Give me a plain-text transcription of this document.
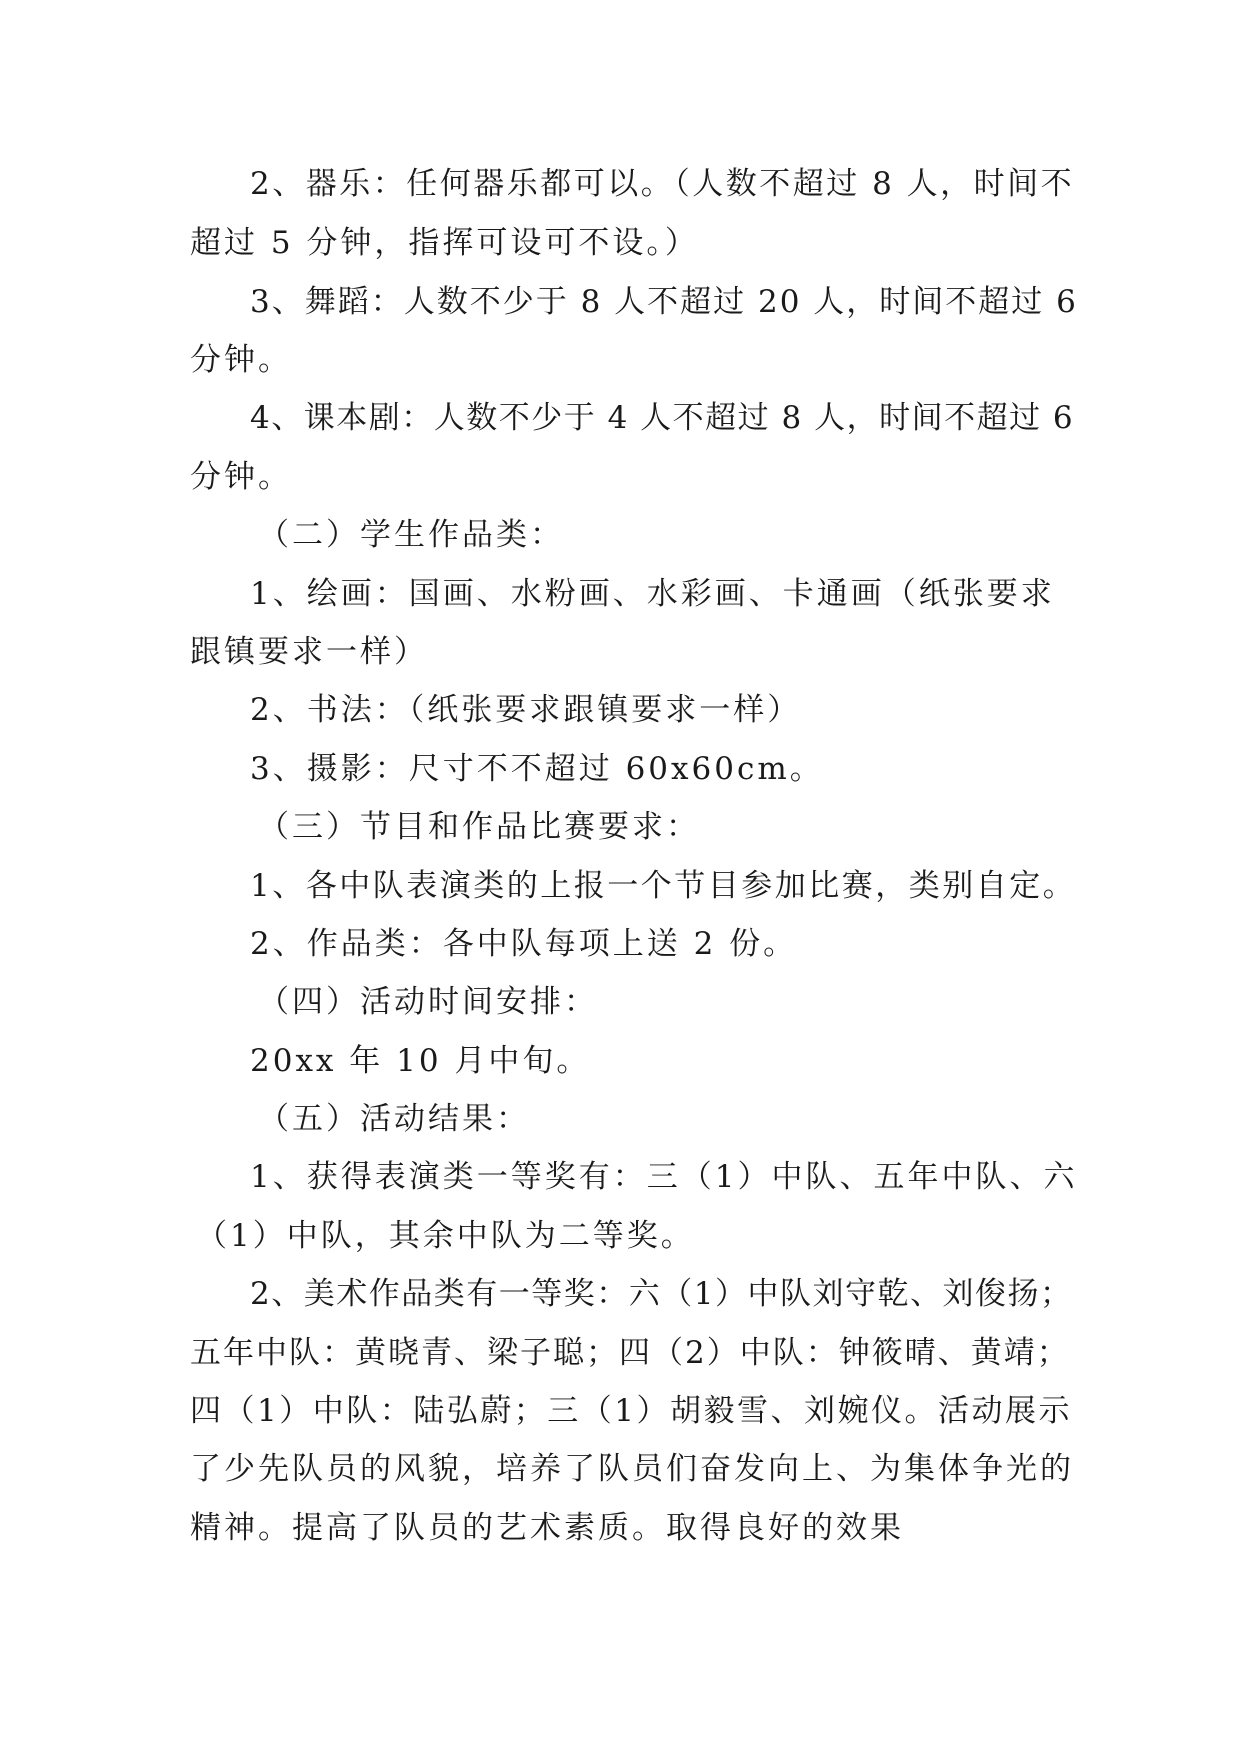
2、器乐：任何器乐都可以。（人数不超过 8 人，时间不
超过 5 分钟，指挥可设可不设。）
3、舞蹈：人数不少于 8 人不超过 20 人，时间不超过 6
分钟。
4、课本剧：人数不少于 4 人不超过 8 人，时间不超过 6
分钟。
（二）学生作品类：
1、绘画：国画、水粉画、水彩画、卡通画（纸张要求
跟镇要求一样）
2、书法：（纸张要求跟镇要求一样）
3、摄影：尺寸不不超过 60x60cm。
（三）节目和作品比赛要求：
1、各中队表演类的上报一个节目参加比赛，类别自定。
2、作品类：各中队每项上送 2 份。
（四）活动时间安排：
20xx 年 10 月中旬。
（五）活动结果：
1、获得表演类一等奖有：三（1）中队、五年中队、六
（1）中队，其余中队为二等奖。
2、美术作品类有一等奖：六（1）中队刘守乾、刘俊扬；
五年中队：黄晓青、梁子聪；四（2）中队：钟筱晴、黄靖；
四（1）中队：陆弘蔚；三（1）胡毅雪、刘婉仪。活动展示
了少先队员的风貌，培养了队员们奋发向上、为集体争光的
精神。提高了队员的艺术素质。取得良好的效果
